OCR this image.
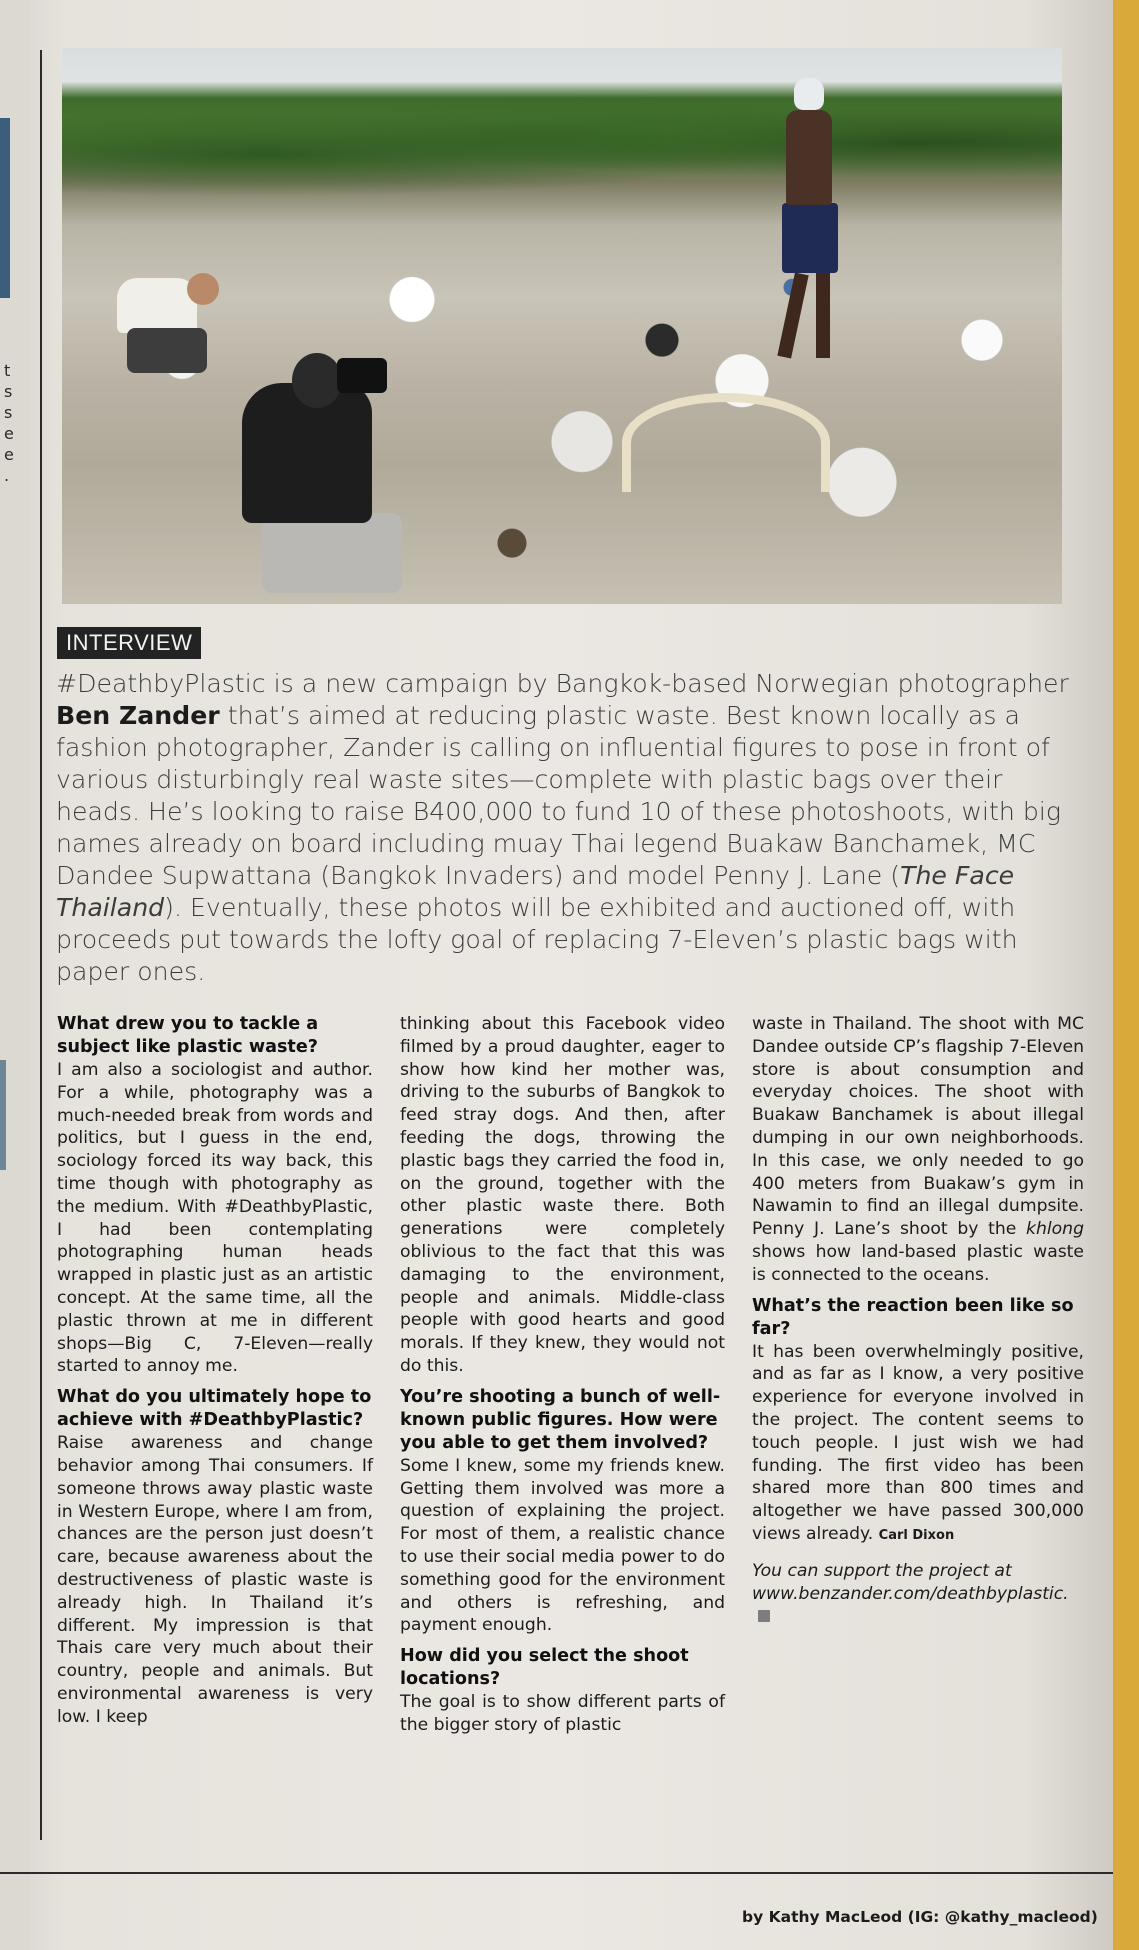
t
s
s
e
e
.
INTERVIEW
#DeathbyPlastic is a new campaign by Bangkok-based Norwegian photographer Ben Zander that’s aimed at reducing plastic waste. Best known locally as a fashion photographer, Zander is calling on influential figures to pose in front of various disturbingly real waste sites—complete with plastic bags over their heads. He’s looking to raise B400,000 to fund 10 of these photoshoots, with big names already on board including muay Thai legend Buakaw Banchamek, MC Dandee Supwattana (Bangkok Invaders) and model Penny J. Lane (The Face Thailand). Eventually, these photos will be exhibited and auctioned off, with proceeds put towards the lofty goal of replacing 7-Eleven’s plastic bags with paper ones.

What drew you to tackle a subject like plastic waste?

I am also a sociologist and author. For a while, photography was a much-needed break from words and politics, but I guess in the end, sociology forced its way back, this time though with photography as the medium. With #DeathbyPlastic, I had been contemplating photographing human heads wrapped in plastic just as an artistic concept. At the same time, all the plastic thrown at me in different shops—Big C, 7-Eleven—really started to annoy me.

What do you ultimately hope to achieve with #DeathbyPlastic?

Raise awareness and change behavior among Thai consumers. If someone throws away plastic waste in Western Europe, where I am from, chances are the person just doesn’t care, because awareness about the destructiveness of plastic waste is already high. In Thailand it’s different. My impression is that Thais care very much about their country, people and animals. But environmental awareness is very low. I keep

thinking about this Facebook video filmed by a proud daughter, eager to show how kind her mother was, driving to the suburbs of Bangkok to feed stray dogs. And then, after feeding the dogs, throwing the plastic bags they carried the food in, on the ground, together with the other plastic waste there. Both generations were completely oblivious to the fact that this was damaging to the environment, people and animals. Middle-class people with good hearts and good morals. If they knew, they would not do this.

You’re shooting a bunch of well-known public figures. How were you able to get them involved?

Some I knew, some my friends knew. Getting them involved was more a question of explaining the project. For most of them, a realistic chance to use their social media power to do something good for the environment and others is refreshing, and payment enough.

How did you select the shoot locations?

The goal is to show different parts of the bigger story of plastic

waste in Thailand. The shoot with MC Dandee outside CP’s flagship 7-Eleven store is about consumption and everyday choices. The shoot with Buakaw Banchamek is about illegal dumping in our own neighborhoods. In this case, we only needed to go 400 meters from Buakaw’s gym in Nawamin to find an illegal dumpsite. Penny J. Lane’s shoot by the khlong shows how land-based plastic waste is connected to the oceans.

What’s the reaction been like so far?

It has been overwhelmingly positive, and as far as I know, a very positive experience for everyone involved in the project. The content seems to touch people. I just wish we had funding. The first video has been shared more than 800 times and altogether we have passed 300,000 views already. Carl Dixon

You can support the project at www.benzander.com/deathbyplastic.

by Kathy MacLeod (IG: @kathy_macleod)
